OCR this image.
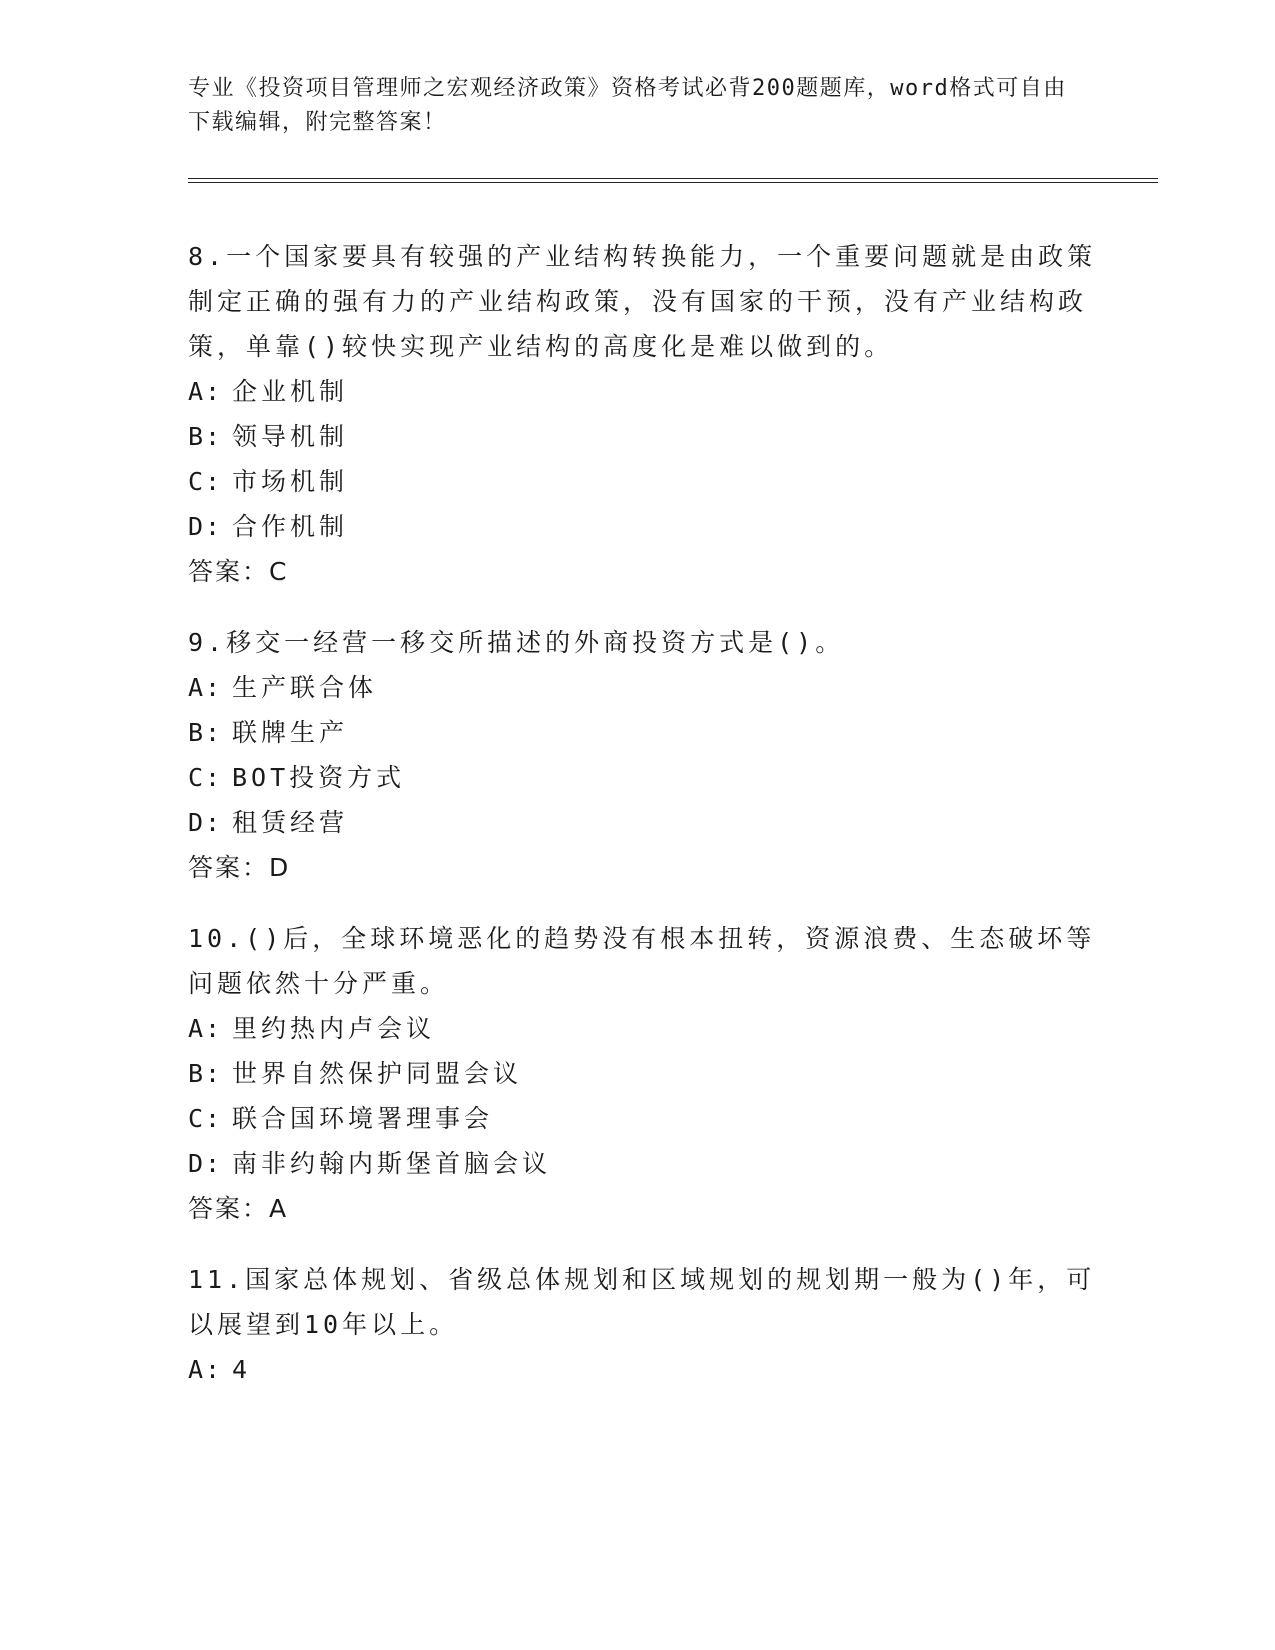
专业《投资项目管理师之宏观经济政策》资格考试必背200题题库，word格式可自由下载编辑，附完整答案！

8.一个国家要具有较强的产业结构转换能力，一个重要问题就是由政策制定正确的强有力的产业结构政策，没有国家的干预，没有产业结构政策，单靠()较快实现产业结构的高度化是难以做到的。

A: 企业机制

B: 领导机制

C: 市场机制

D: 合作机制

答案：C

9.移交一经营一移交所描述的外商投资方式是()。

A: 生产联合体

B: 联牌生产

C: BOT投资方式

D: 租赁经营

答案：D

10.()后，全球环境恶化的趋势没有根本扭转，资源浪费、生态破坏等问题依然十分严重。

A: 里约热内卢会议

B: 世界自然保护同盟会议

C: 联合国环境署理事会

D: 南非约翰内斯堡首脑会议

答案：A

11.国家总体规划、省级总体规划和区域规划的规划期一般为()年，可以展望到10年以上。

A: 4
